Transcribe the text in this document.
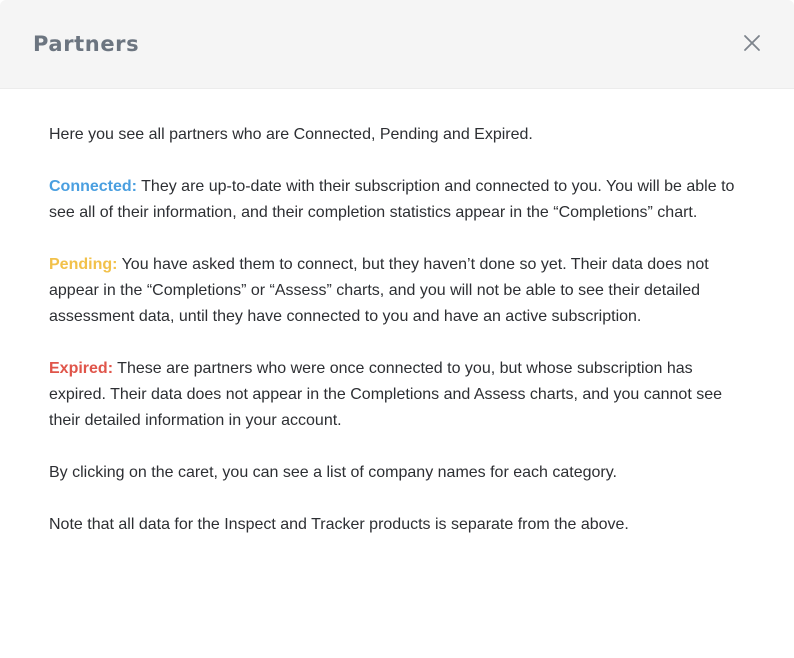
Partners

Here you see all partners who are Connected, Pending and Expired.

Connected: They are up-to-date with their subscription and connected to you. You will be able to see all of their information, and their completion statistics appear in the “Completions” chart.

Pending: You have asked them to connect, but they haven’t done so yet. Their data does not appear in the “Completions” or “Assess” charts, and you will not be able to see their detailed assessment data, until they have connected to you and have an active subscription.

Expired: These are partners who were once connected to you, but whose subscription has expired. Their data does not appear in the Completions and Assess charts, and you cannot see their detailed information in your account.

By clicking on the caret, you can see a list of company names for each category.

Note that all data for the Inspect and Tracker products is separate from the above.
